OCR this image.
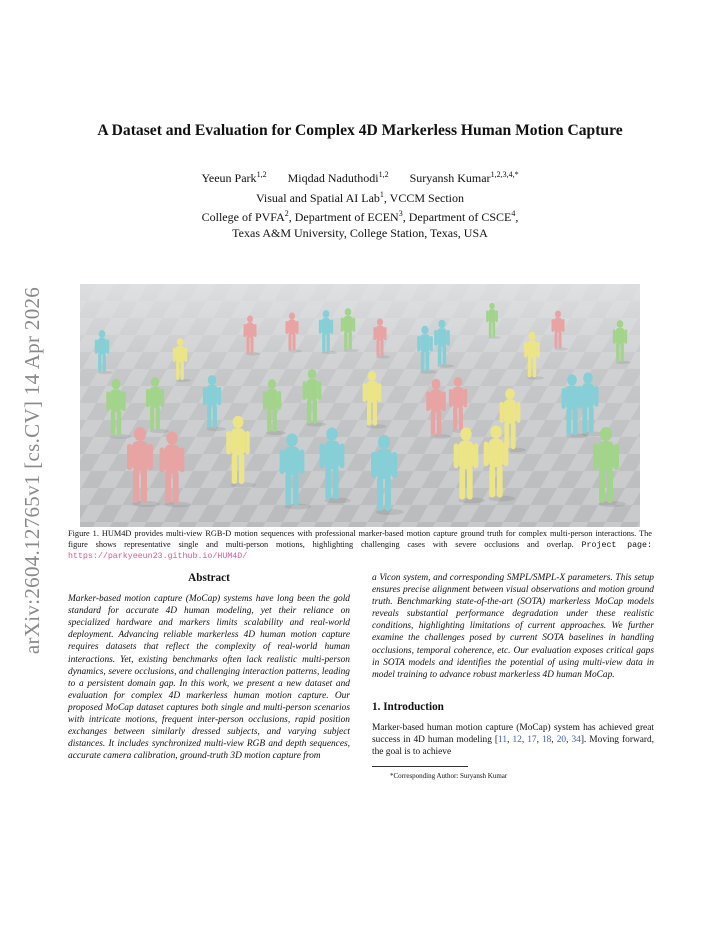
arXiv:2604.12765v1 [cs.CV] 14 Apr 2026
A Dataset and Evaluation for Complex 4D Markerless Human Motion Capture
Yeeun Park$^{1,2}$ Miqdad Naduthodi$^{1,2}$ Suryansh Kumar$^{1,2,3,4,*}$
Visual and Spatial AI Lab$^1$, VCCM Section
College of PVFA$^2$, Department of ECEN$^3$, Department of CSCE$^4$,
Texas A&M University, College Station, Texas, USA
Figure 1. HUM4D provides multi-view RGB-D motion sequences with professional marker-based motion capture ground truth for complex multi-person interactions. The figure shows representative single and multi-person motions, highlighting challenging cases with severe occlusions and overlap. Project page: https://parkyeeun23.github.io/HUM4D/
Abstract

Marker-based motion capture (MoCap) systems have long been the gold standard for accurate 4D human modeling, yet their reliance on specialized hardware and markers limits scalability and real-world deployment. Advancing reliable markerless 4D human motion capture requires datasets that reflect the complexity of real-world human interactions. Yet, existing benchmarks often lack realistic multi-person dynamics, severe occlusions, and challenging interaction patterns, leading to a persistent domain gap. In this work, we present a new dataset and evaluation for complex 4D markerless human motion capture. Our proposed MoCap dataset captures both single and multi-person scenarios with intricate motions, frequent inter-person occlusions, rapid position exchanges between similarly dressed subjects, and varying subject distances. It includes synchronized multi-view RGB and depth sequences, accurate camera calibration, ground-truth 3D motion capture from

a Vicon system, and corresponding SMPL/SMPL-X parameters. This setup ensures precise alignment between visual observations and motion ground truth. Benchmarking state-of-the-art (SOTA) markerless MoCap models reveals substantial performance degradation under these realistic conditions, highlighting limitations of current approaches. We further examine the challenges posed by current SOTA baselines in handling occlusions, temporal coherence, etc. Our evaluation exposes critical gaps in SOTA models and identifies the potential of using multi-view data in model training to advance robust markerless 4D human MoCap.

1. Introduction

Marker-based human motion capture (MoCap) system has achieved great success in 4D human modeling [11, 12, 17, 18, 20, 34]. Moving forward, the goal is to achieve

*Corresponding Author: Suryansh Kumar
